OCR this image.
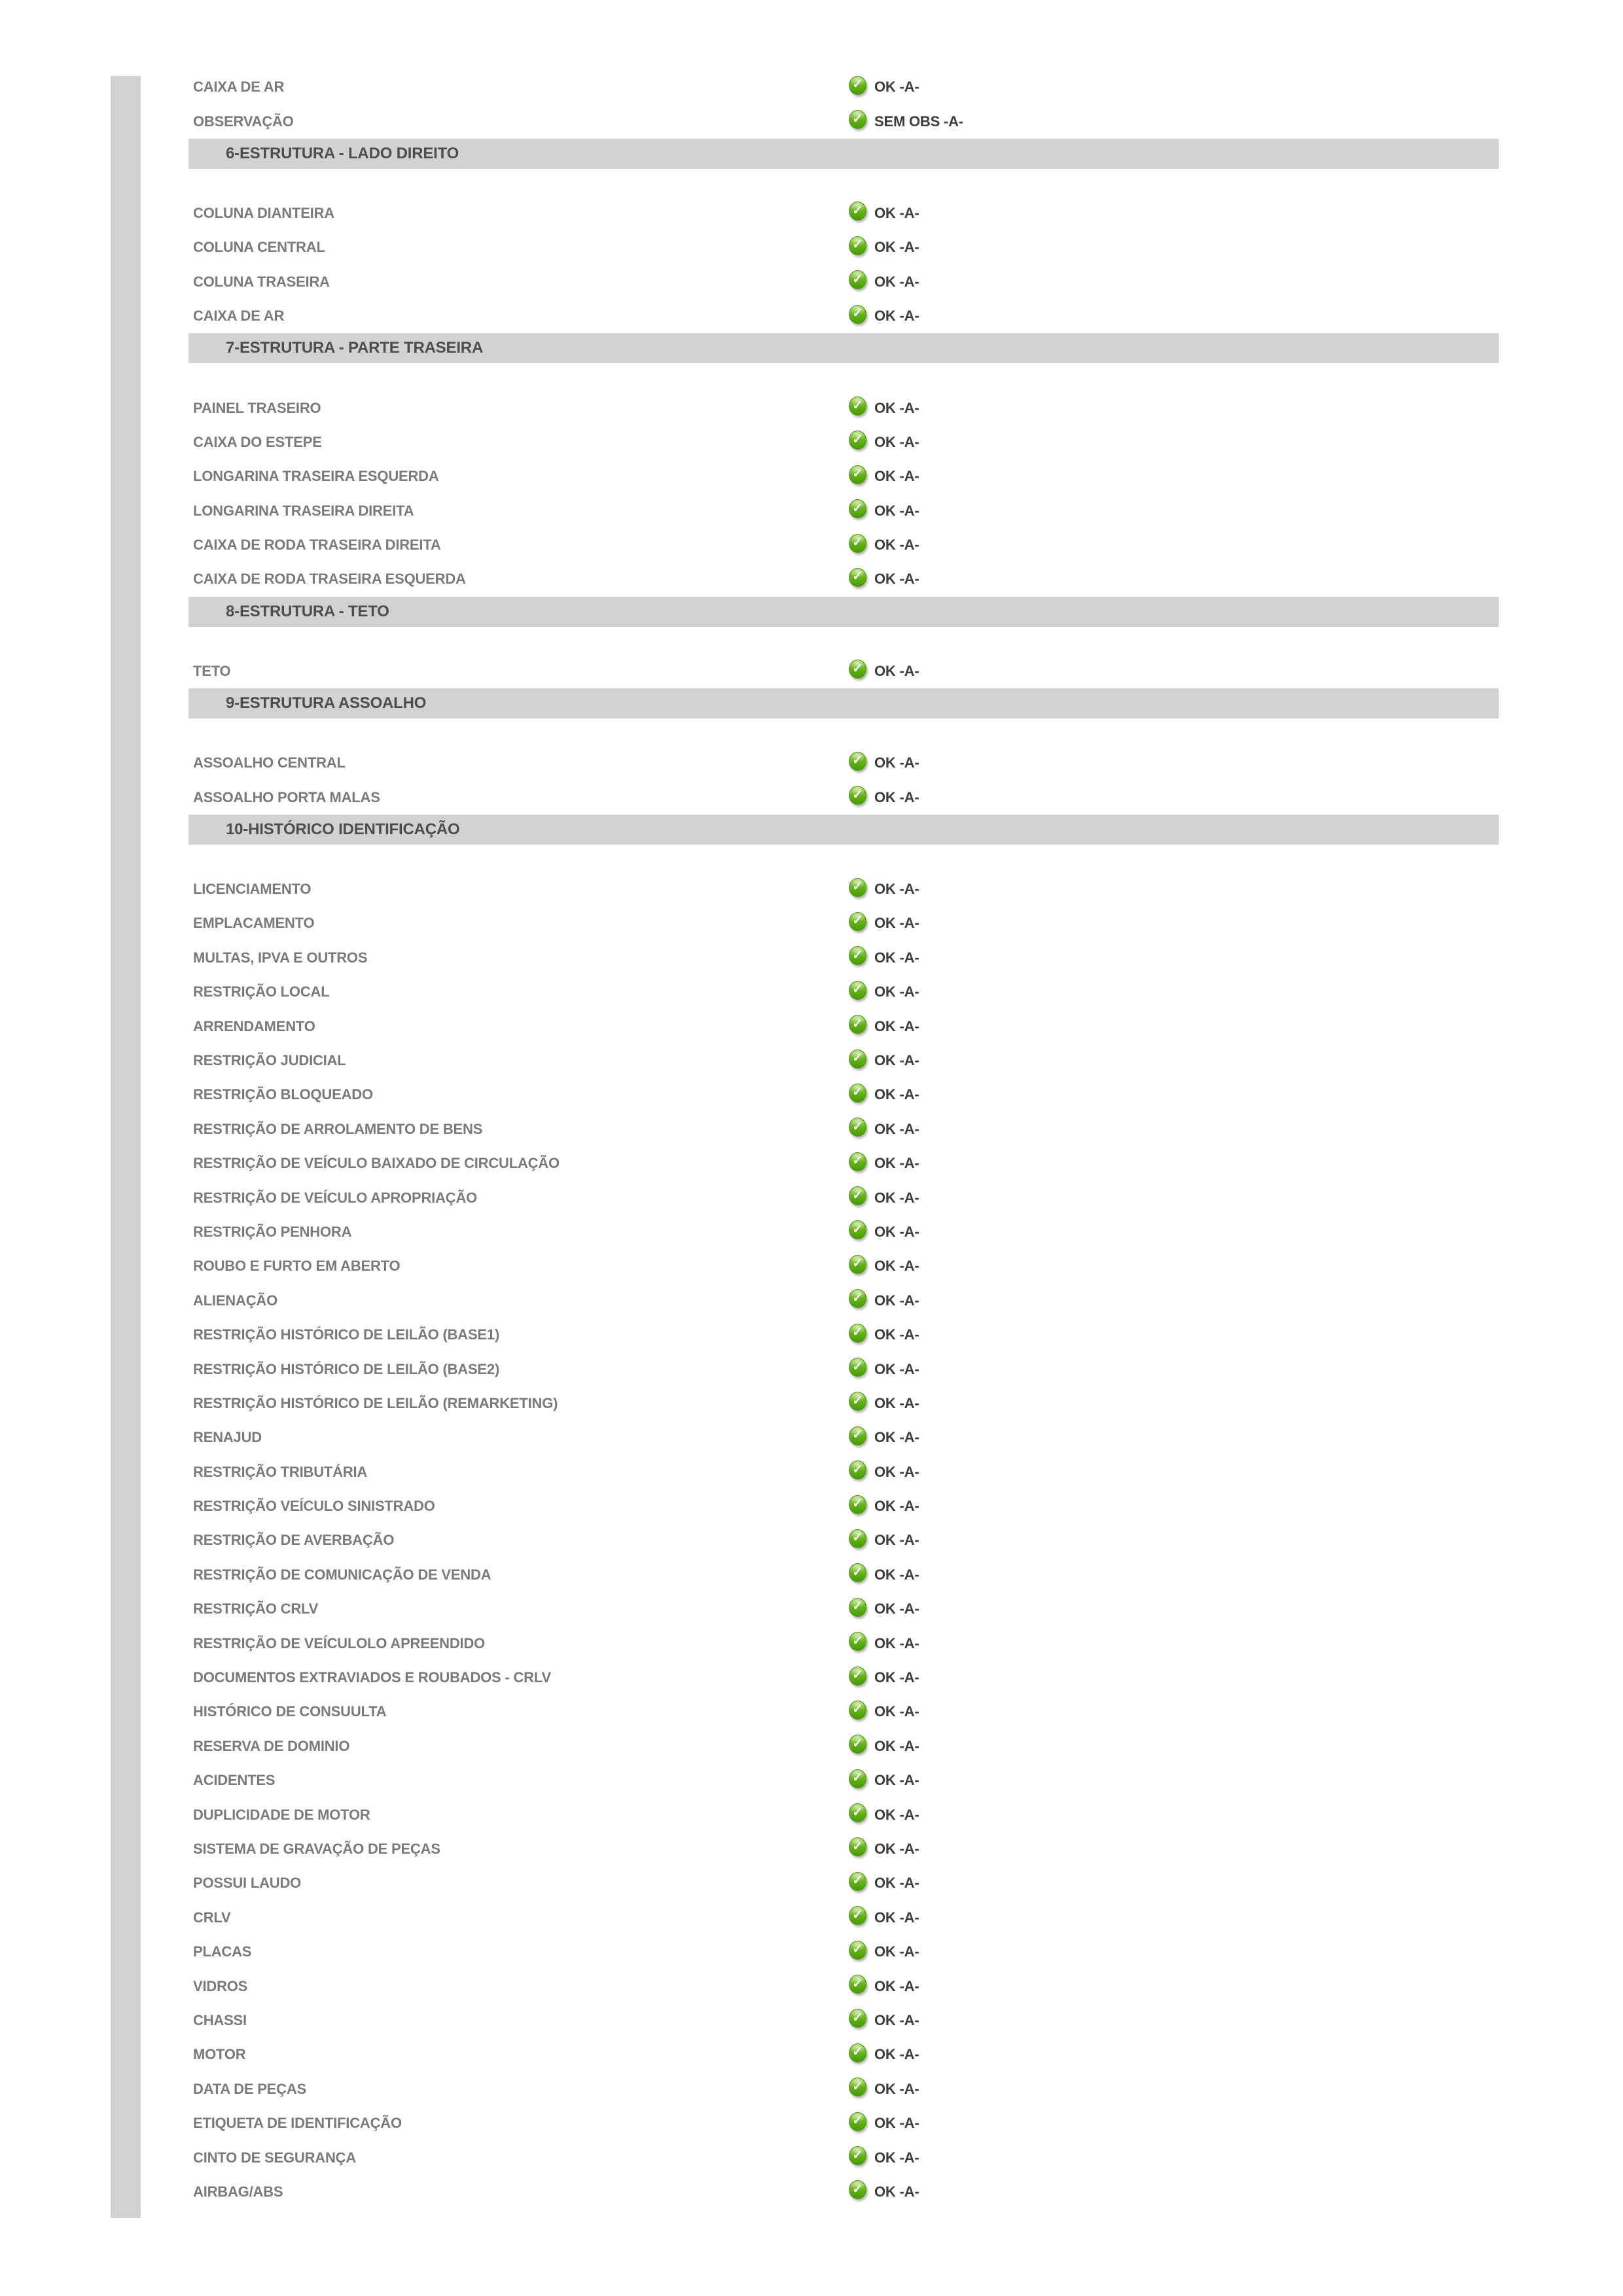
CAIXA DE AR	✓ OK -A-
OBSERVAÇÃO	✓ SEM OBS -A-
6-ESTRUTURA - LADO DIREITO
COLUNA DIANTEIRA	✓ OK -A-
COLUNA CENTRAL	✓ OK -A-
COLUNA TRASEIRA	✓ OK -A-
CAIXA DE AR	✓ OK -A-
7-ESTRUTURA - PARTE TRASEIRA
PAINEL TRASEIRO	✓ OK -A-
CAIXA DO ESTEPE	✓ OK -A-
LONGARINA TRASEIRA ESQUERDA	✓ OK -A-
LONGARINA TRASEIRA DIREITA	✓ OK -A-
CAIXA DE RODA TRASEIRA DIREITA	✓ OK -A-
CAIXA DE RODA TRASEIRA ESQUERDA	✓ OK -A-
8-ESTRUTURA - TETO
TETO	✓ OK -A-
9-ESTRUTURA ASSOALHO
ASSOALHO CENTRAL	✓ OK -A-
ASSOALHO PORTA MALAS	✓ OK -A-
10-HISTÓRICO IDENTIFICAÇÃO
LICENCIAMENTO	✓ OK -A-
EMPLACAMENTO	✓ OK -A-
MULTAS, IPVA E OUTROS	✓ OK -A-
RESTRIÇÃO LOCAL	✓ OK -A-
ARRENDAMENTO	✓ OK -A-
RESTRIÇÃO JUDICIAL	✓ OK -A-
RESTRIÇÃO BLOQUEADO	✓ OK -A-
RESTRIÇÃO DE ARROLAMENTO DE BENS	✓ OK -A-
RESTRIÇÃO DE VEÍCULO BAIXADO DE CIRCULAÇÃO	✓ OK -A-
RESTRIÇÃO DE VEÍCULO APROPRIAÇÃO	✓ OK -A-
RESTRIÇÃO PENHORA	✓ OK -A-
ROUBO E FURTO EM ABERTO	✓ OK -A-
ALIENAÇÃO	✓ OK -A-
RESTRIÇÃO HISTÓRICO DE LEILÃO (BASE1)	✓ OK -A-
RESTRIÇÃO HISTÓRICO DE LEILÃO (BASE2)	✓ OK -A-
RESTRIÇÃO HISTÓRICO DE LEILÃO (REMARKETING)	✓ OK -A-
RENAJUD	✓ OK -A-
RESTRIÇÃO TRIBUTÁRIA	✓ OK -A-
RESTRIÇÃO VEÍCULO SINISTRADO	✓ OK -A-
RESTRIÇÃO DE AVERBAÇÃO	✓ OK -A-
RESTRIÇÃO DE COMUNICAÇÃO DE VENDA	✓ OK -A-
RESTRIÇÃO CRLV	✓ OK -A-
RESTRIÇÃO DE VEÍCULOLO APREENDIDO	✓ OK -A-
DOCUMENTOS EXTRAVIADOS E ROUBADOS - CRLV	✓ OK -A-
HISTÓRICO DE CONSUULTA	✓ OK -A-
RESERVA DE DOMINIO	✓ OK -A-
ACIDENTES	✓ OK -A-
DUPLICIDADE DE MOTOR	✓ OK -A-
SISTEMA DE GRAVAÇÃO DE PEÇAS	✓ OK -A-
POSSUI LAUDO	✓ OK -A-
CRLV	✓ OK -A-
PLACAS	✓ OK -A-
VIDROS	✓ OK -A-
CHASSI	✓ OK -A-
MOTOR	✓ OK -A-
DATA DE PEÇAS	✓ OK -A-
ETIQUETA DE IDENTIFICAÇÃO	✓ OK -A-
CINTO DE SEGURANÇA	✓ OK -A-
AIRBAG/ABS	✓ OK -A-
